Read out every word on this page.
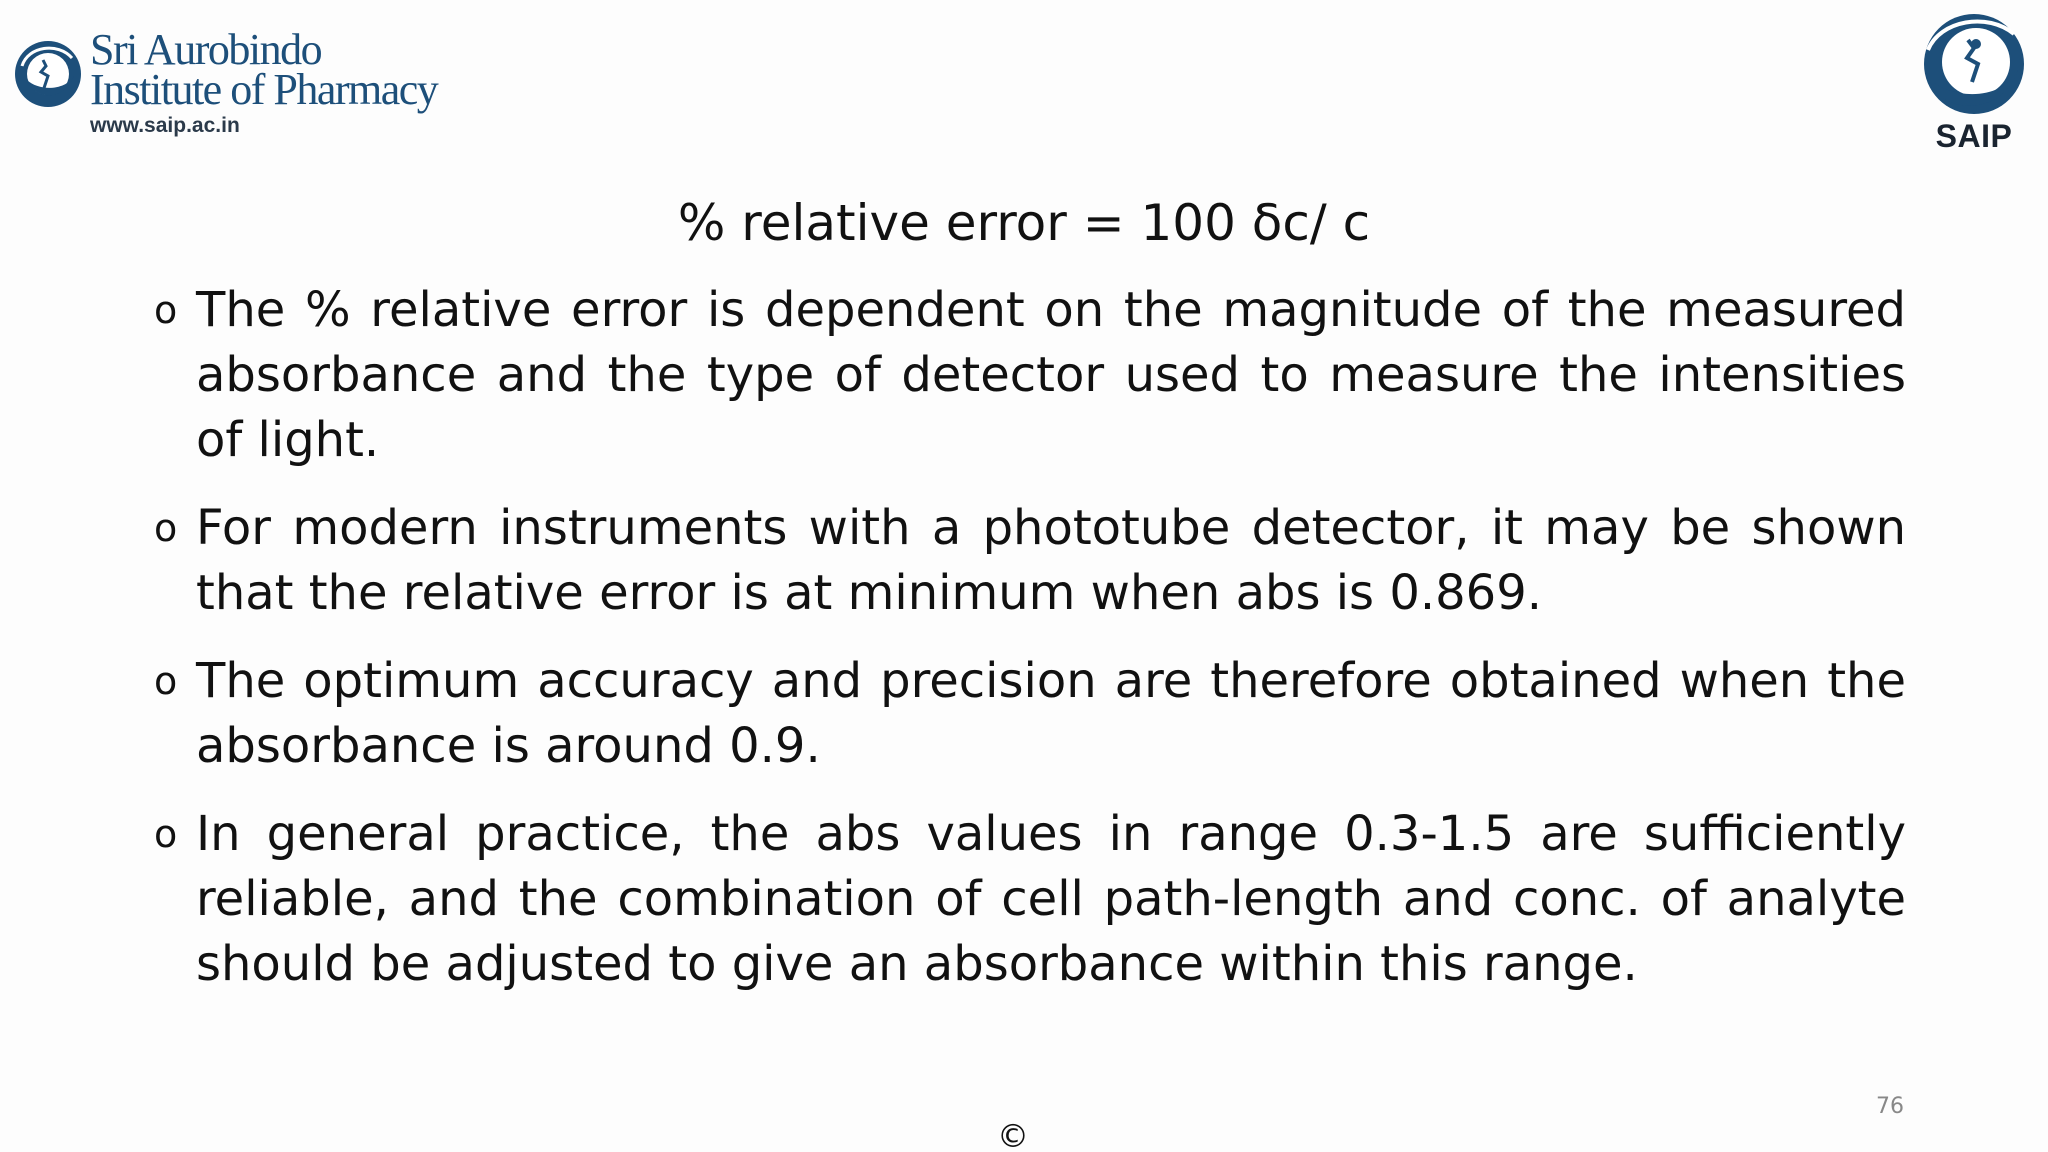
Sri Aurobindo
Institute of Pharmacy
www.saip.ac.in	SAIP
% relative error = 100 δc/ c
o The % relative error is dependent on the magnitude of the measured absorbance and the type of detector used to measure the intensities of light.
o For modern instruments with a phototube detector, it may be shown that the relative error is at minimum when abs is 0.869.
o The optimum accuracy and precision are therefore obtained when the absorbance is around 0.9.
o In general practice, the abs values in range 0.3-1.5 are sufficiently reliable, and the combination of cell path-length and conc. of analyte should be adjusted to give an absorbance within this range.
76
©
